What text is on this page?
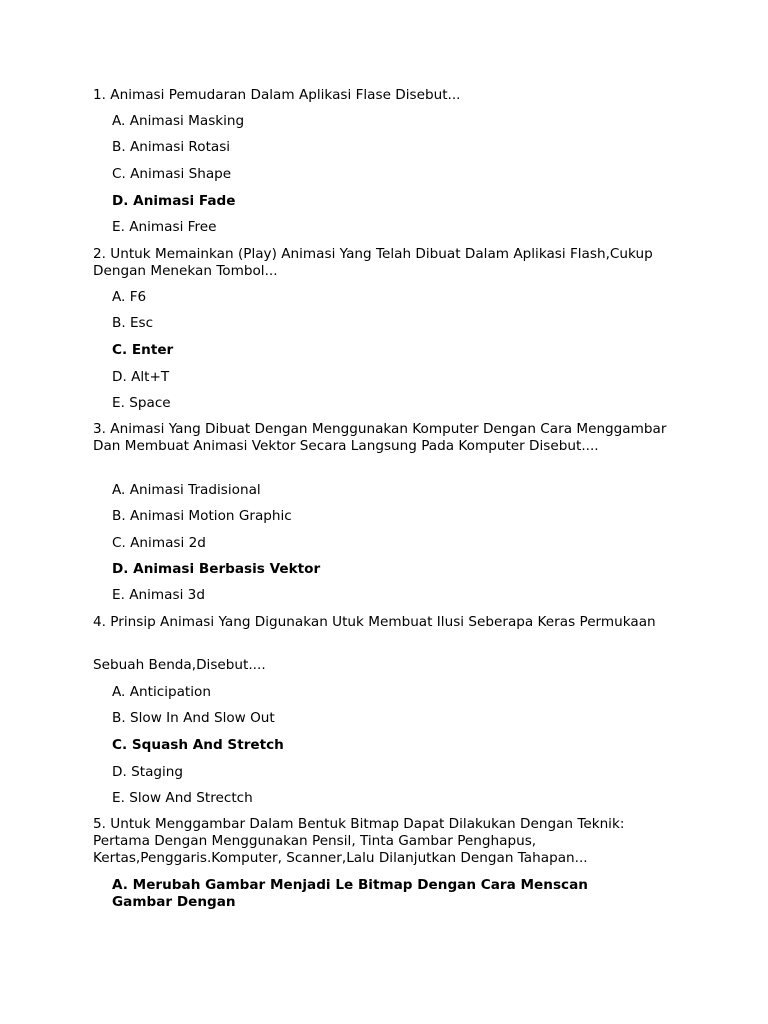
1. Animasi Pemudaran Dalam Aplikasi Flase Disebut...
A. Animasi Masking
B. Animasi Rotasi
C. Animasi Shape
D. Animasi Fade
E. Animasi Free
2. Untuk Memainkan (Play) Animasi Yang Telah Dibuat Dalam Aplikasi Flash,Cukup Dengan Menekan Tombol...
A. F6
B. Esc
C. Enter
D. Alt+T
E. Space
3. Animasi Yang Dibuat Dengan Menggunakan Komputer Dengan Cara Menggambar Dan Membuat Animasi Vektor Secara Langsung Pada Komputer Disebut....
A. Animasi Tradisional
B. Animasi Motion Graphic
C. Animasi 2d
D. Animasi Berbasis Vektor
E. Animasi 3d
4. Prinsip Animasi Yang Digunakan Utuk Membuat Ilusi Seberapa Keras Permukaan
Sebuah Benda,Disebut....
A. Anticipation
B. Slow In And Slow Out
C. Squash And Stretch
D. Staging
E. Slow And Strectch
5. Untuk Menggambar Dalam Bentuk Bitmap Dapat Dilakukan Dengan Teknik: Pertama Dengan Menggunakan Pensil, Tinta Gambar Penghapus, Kertas,Penggaris.Komputer, Scanner,Lalu Dilanjutkan Dengan Tahapan...
A. Merubah Gambar Menjadi Le Bitmap Dengan Cara Menscan Gambar Dengan
